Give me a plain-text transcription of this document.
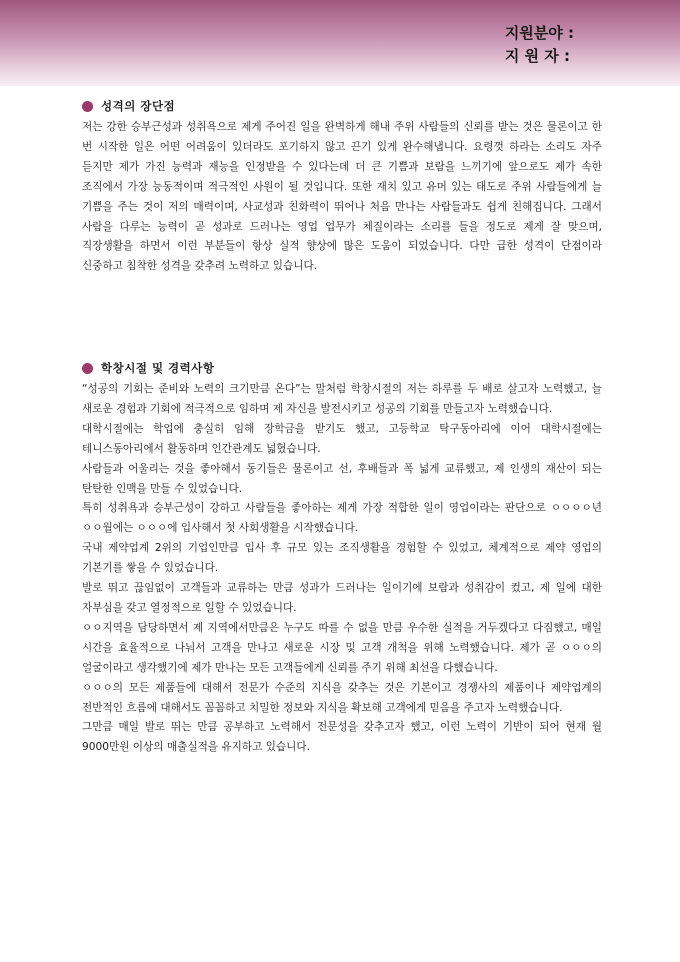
지원분야 :
지 원 자 :
성격의 장단점

저는 강한 승부근성과 성취욕으로 제게 주어진 일을 완벽하게 해내 주위 사람들의 신뢰를 받는 것은 물론이고 한 번 시작한 일은 어떤 어려움이 있더라도 포기하지 않고 끈기 있게 완수해냅니다. 요령껏 하라는 소리도 자주 듣지만 제가 가진 능력과 재능을 인정받을 수 있다는데 더 큰 기쁨과 보람을 느끼기에 앞으로도 제가 속한 조직에서 가장 능동적이며 적극적인 사원이 될 것입니다. 또한 재치 있고 유머 있는 태도로 주위 사람들에게 늘 기쁨을 주는 것이 저의 매력이며, 사교성과 친화력이 뛰어나 처음 만나는 사람들과도 쉽게 친해집니다. 그래서 사람을 다루는 능력이 곧 성과로 드러나는 영업 업무가 체질이라는 소리를 들을 정도로 제게 잘 맞으며, 직장생활을 하면서 이런 부분들이 항상 실적 향상에 많은 도움이 되었습니다. 다만 급한 성격이 단점이라 신중하고 침착한 성격을 갖추려 노력하고 있습니다.

학창시절 및 경력사항

“성공의 기회는 준비와 노력의 크기만큼 온다”는 말처럼 학창시절의 저는 하루를 두 배로 살고자 노력했고, 늘 새로운 경험과 기회에 적극적으로 임하며 제 자신을 발전시키고 성공의 기회를 만들고자 노력했습니다.

대학시절에는 학업에 충실히 임해 장학금을 받기도 했고, 고등학교 탁구동아리에 이어 대학시절에는 테니스동아리에서 활동하며 인간관계도 넓혔습니다.

사람들과 어울리는 것을 좋아해서 동기들은 물론이고 선, 후배들과 폭 넓게 교류했고, 제 인생의 재산이 되는 탄탄한 인맥을 만들 수 있었습니다.

특히 성취욕과 승부근성이 강하고 사람들을 좋아하는 제게 가장 적합한 일이 영업이라는 판단으로 ㅇㅇㅇㅇ년 ㅇㅇ월에는 ㅇㅇㅇ에 입사해서 첫 사회생활을 시작했습니다.

국내 제약업계 2위의 기업인만큼 입사 후 규모 있는 조직생활을 경험할 수 있었고, 체계적으로 제약 영업의 기본기를 쌓을 수 있었습니다.

발로 뛰고 끊임없이 고객들과 교류하는 만큼 성과가 드러나는 일이기에 보람과 성취감이 컸고, 제 일에 대한 자부심을 갖고 열정적으로 일할 수 있었습니다.

ㅇㅇ지역을 담당하면서 제 지역에서만큼은 누구도 따를 수 없을 만큼 우수한 실적을 거두겠다고 다짐했고, 매일 시간을 효율적으로 나눠서 고객을 만나고 새로운 시장 및 고객 개척을 위해 노력했습니다. 제가 곧 ㅇㅇㅇ의 얼굴이라고 생각했기에 제가 만나는 모든 고객들에게 신뢰를 주기 위해 최선을 다했습니다.

ㅇㅇㅇ의 모든 제품들에 대해서 전문가 수준의 지식을 갖추는 것은 기본이고 경쟁사의 제품이나 제약업계의 전반적인 흐름에 대해서도 꼼꼼하고 치밀한 정보와 지식을 확보해 고객에게 믿음을 주고자 노력했습니다.

그만큼 매일 발로 뛰는 만큼 공부하고 노력해서 전문성을 갖추고자 했고, 이런 노력이 기반이 되어 현재 월 9000만원 이상의 매출실적을 유지하고 있습니다.
